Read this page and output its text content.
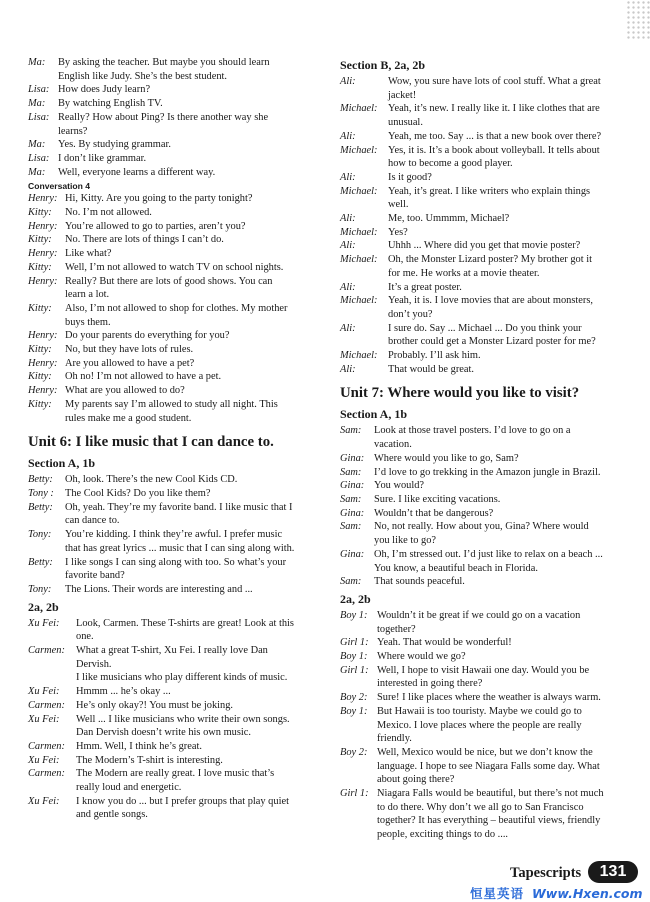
Ma:	By asking the teacher. But maybe you should learn
English like Judy. She’s the best student.
Lisa: How does Judy learn?
Ma:	By watching English TV.
Lisa: Really? How about Ping? Is there another way she
learns?
Ma:	Yes. By studying grammar.
Lisa: I don’t like grammar.
Ma:	Well, everyone learns a different way.
Conversation 4
Henry: Hi, Kitty. Are you going to the party tonight?
Kitty:	No. I’m not allowed.
Henry: You’re allowed to go to parties, aren’t you?
Kitty:	No. There are lots of things I can’t do.
Henry: Like what?
Kitty:	Well, I’m not allowed to watch TV on school nights.
Henry: Really? But there are lots of good shows. You can
learn a lot.
Kitty:	Also, I’m not allowed to shop for clothes. My mother
buys them.
Henry: Do your parents do everything for you?
Kitty:	No, but they have lots of rules.
Henry: Are you allowed to have a pet?
Kitty:	Oh no! I’m not allowed to have a pet.
Henry: What are you allowed to do?
Kitty:	My parents say I’m allowed to study all night. This
rules make me a good student.
Unit 6: I like music that I can dance to.
Section A, 1b
Betty:	Oh, look. There’s the new Cool Kids CD.
Tony :	The Cool Kids? Do you like them?
Betty:	Oh, yeah. They’re my favorite band. I like music that I
can dance to.
Tony:	You’re kidding. I think they’re awful. I prefer music
that has great lyrics ... music that I can sing along with.
Betty:	I like songs I can sing along with too. So what’s your
favorite band?
Tony:	The Lions. Their words are interesting and ...
2a, 2b
Xu Fei:	Look, Carmen. These T-shirts are great! Look at this
one.
Carmen:	What a great T-shirt, Xu Fei. I really love Dan
Dervish.
I like musicians who play different kinds of music.
Xu Fei:	Hmmm ... he’s okay ...
Carmen:	He’s only okay?! You must be joking.
Xu Fei:	Well ... I like musicians who write their own songs.
Dan Dervish doesn’t write his own music.
Carmen:	Hmm. Well, I think he’s great.
Xu Fei:	The Modern’s T-shirt is interesting.
Carmen:	The Modern are really great. I love music that’s
really loud and energetic.
Xu Fei:	I know you do ... but I prefer groups that play quiet
and gentle songs.
Section B, 2a, 2b
Ali:	Wow, you sure have lots of cool stuff. What a great
jacket!
Michael:	Yeah, it’s new. I really like it. I like clothes that are
unusual.
Ali:	Yeah, me too. Say ... is that a new book over there?
Michael:	Yes, it is. It’s a book about volleyball. It tells about
how to become a good player.
Ali:	Is it good?
Michael:	Yeah, it’s great. I like writers who explain things
well.
Ali:	Me, too. Ummmm, Michael?
Michael:	Yes?
Ali:	Uhhh ... Where did you get that movie poster?
Michael:	Oh, the Monster Lizard poster? My brother got it
for me. He works at a movie theater.
Ali:	It’s a great poster.
Michael:	Yeah, it is. I love movies that are about monsters,
don’t you?
Ali:	I sure do. Say ... Michael ... Do you think your
brother could get a Monster Lizard poster for me?
Michael:	Probably. I’ll ask him.
Ali:	That would be great.
Unit 7: Where would you like to visit?
Section A, 1b
Sam:	Look at those travel posters. I’d love to go on a
vacation.
Gina: Where would you like to go, Sam?
Sam:	I’d love to go trekking in the Amazon jungle in Brazil.
Gina: You would?
Sam:	Sure. I like exciting vacations.
Gina: Wouldn’t that be dangerous?
Sam:	No, not really. How about you, Gina? Where would
you like to go?
Gina: Oh, I’m stressed out. I’d just like to relax on a beach ...
You know, a beautiful beach in Florida.
Sam:	That sounds peaceful.
2a, 2b
Boy 1: Wouldn’t it be great if we could go on a vacation
together?
Girl 1: Yeah. That would be wonderful!
Boy 1: Where would we go?
Girl 1: Well, I hope to visit Hawaii one day. Would you be
interested in going there?
Boy 2: Sure! I like places where the weather is always warm.
Boy 1: But Hawaii is too touristy. Maybe we could go to
Mexico. I love places where the people are really
friendly.
Boy 2: Well, Mexico would be nice, but we don’t know the
language. I hope to see Niagara Falls some day. What
about going there?
Girl 1: Niagara Falls would be beautiful, but there’s not much
to do there. Why don’t we all go to San Francisco
together? It has everything – beautiful views, friendly
people, exciting things to do ....
Tapescripts	131
恒星英语 Www.Hxen.com
